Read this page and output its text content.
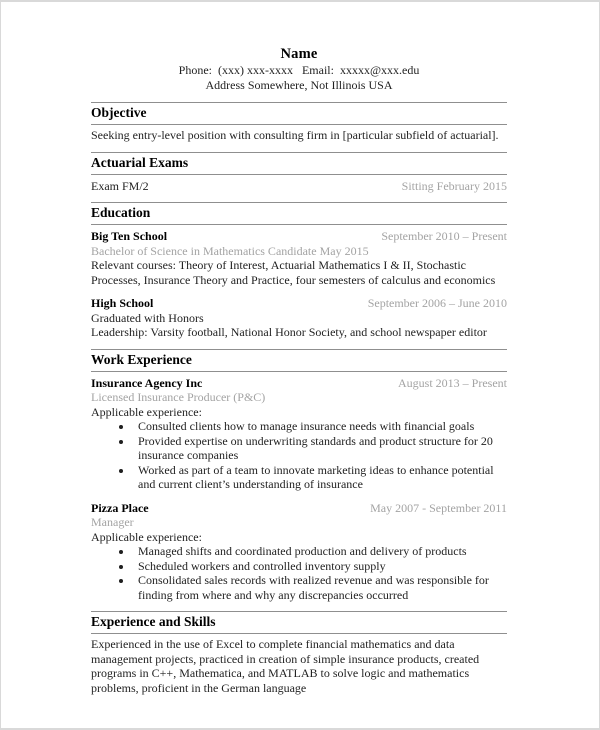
Name

Phone:  (xxx) xxx-xxxx   Email:  xxxxx@xxx.edu

Address Somewhere, Not Illinois USA

Objective

Seeking entry-level position with consulting firm in [particular subfield of actuarial].

Actuarial Exams
Exam FM/2	Sitting February 2015
Education
Big Ten School	September 2010 – Present
Bachelor of Science in Mathematics Candidate May 2015
Relevant courses: Theory of Interest, Actuarial Mathematics I & II, Stochastic Processes, Insurance Theory and Practice, four semesters of calculus and economics
High School	September 2006 – June 2010
Graduated with Honors
Leadership: Varsity football, National Honor Society, and school newspaper editor
Work Experience
Insurance Agency Inc	August 2013 – Present
Licensed Insurance Producer (P&C)
Applicable experience:
• Consulted clients how to manage insurance needs with financial goals
• Provided expertise on underwriting standards and product structure for 20 insurance companies
• Worked as part of a team to innovate marketing ideas to enhance potential and current client’s understanding of insurance
Pizza Place	May 2007 - September 2011
Manager
Applicable experience:
• Managed shifts and coordinated production and delivery of products
• Scheduled workers and controlled inventory supply
• Consolidated sales records with realized revenue and was responsible for finding from where and why any discrepancies occurred
Experience and Skills

Experienced in the use of Excel to complete financial mathematics and data management projects, practiced in creation of simple insurance products, created programs in C++, Mathematica, and MATLAB to solve logic and mathematics problems, proficient in the German language
